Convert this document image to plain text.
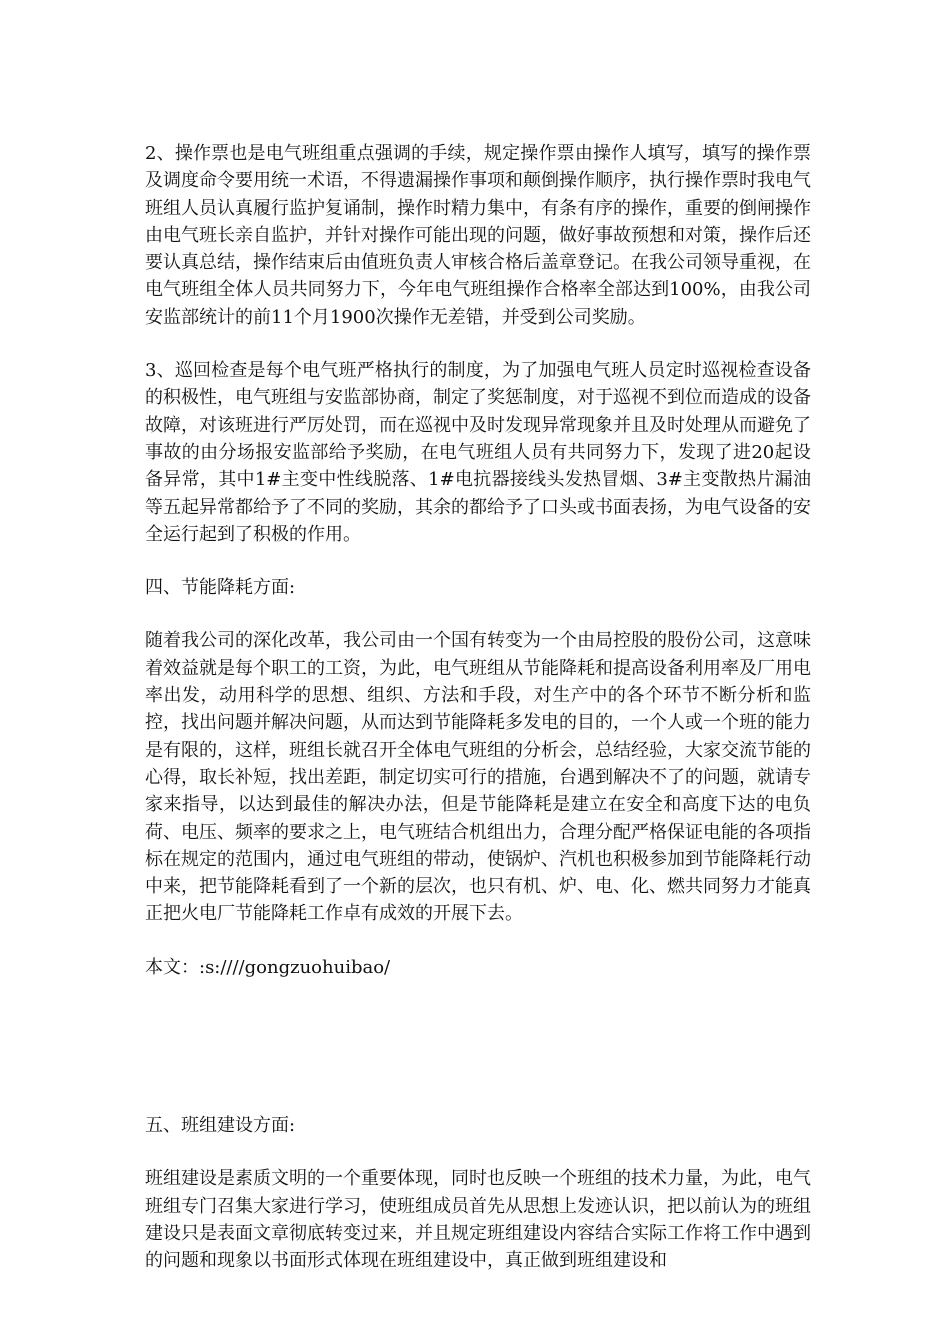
2、操作票也是电气班组重点强调的手续，规定操作票由操作人填写，填写的操作票及调度命令要用统一术语，不得遗漏操作事项和颠倒操作顺序，执行操作票时我电气班组人员认真履行监护复诵制，操作时精力集中，有条有序的操作，重要的倒闸操作由电气班长亲自监护，并针对操作可能出现的问题，做好事故预想和对策，操作后还要认真总结，操作结束后由值班负责人审核合格后盖章登记。在我公司领导重视，在电气班组全体人员共同努力下，今年电气班组操作合格率全部达到100%，由我公司安监部统计的前11个月1900次操作无差错，并受到公司奖励。

3、巡回检查是每个电气班严格执行的制度，为了加强电气班人员定时巡视检查设备的积极性，电气班组与安监部协商，制定了奖惩制度，对于巡视不到位而造成的设备故障，对该班进行严厉处罚，而在巡视中及时发现异常现象并且及时处理从而避免了事故的由分场报安监部给予奖励，在电气班组人员有共同努力下，发现了进20起设备异常，其中1#主变中性线脱落、1#电抗器接线头发热冒烟、3#主变散热片漏油等五起异常都给予了不同的奖励，其余的都给予了口头或书面表扬，为电气设备的安全运行起到了积极的作用。

四、节能降耗方面:

随着我公司的深化改革，我公司由一个国有转变为一个由局控股的股份公司，这意味着效益就是每个职工的工资，为此，电气班组从节能降耗和提高设备利用率及厂用电率出发，动用科学的思想、组织、方法和手段，对生产中的各个环节不断分析和监控，找出问题并解决问题，从而达到节能降耗多发电的目的，一个人或一个班的能力是有限的，这样，班组长就召开全体电气班组的分析会，总结经验，大家交流节能的心得，取长补短，找出差距，制定切实可行的措施，台遇到解决不了的问题，就请专家来指导，以达到最佳的解决办法，但是节能降耗是建立在安全和高度下达的电负荷、电压、频率的要求之上，电气班结合机组出力，合理分配严格保证电能的各项指标在规定的范围内，通过电气班组的带动，使锅炉、汽机也积极参加到节能降耗行动中来，把节能降耗看到了一个新的层次，也只有机、炉、电、化、燃共同努力才能真正把火电厂节能降耗工作卓有成效的开展下去。

本文：:s:////gongzuohuibao/

五、班组建设方面:

班组建设是素质文明的一个重要体现，同时也反映一个班组的技术力量，为此，电气班组专门召集大家进行学习，使班组成员首先从思想上发迹认识，把以前认为的班组建设只是表面文章彻底转变过来，并且规定班组建设内容结合实际工作将工作中遇到的问题和现象以书面形式体现在班组建设中，真正做到班组建设和
